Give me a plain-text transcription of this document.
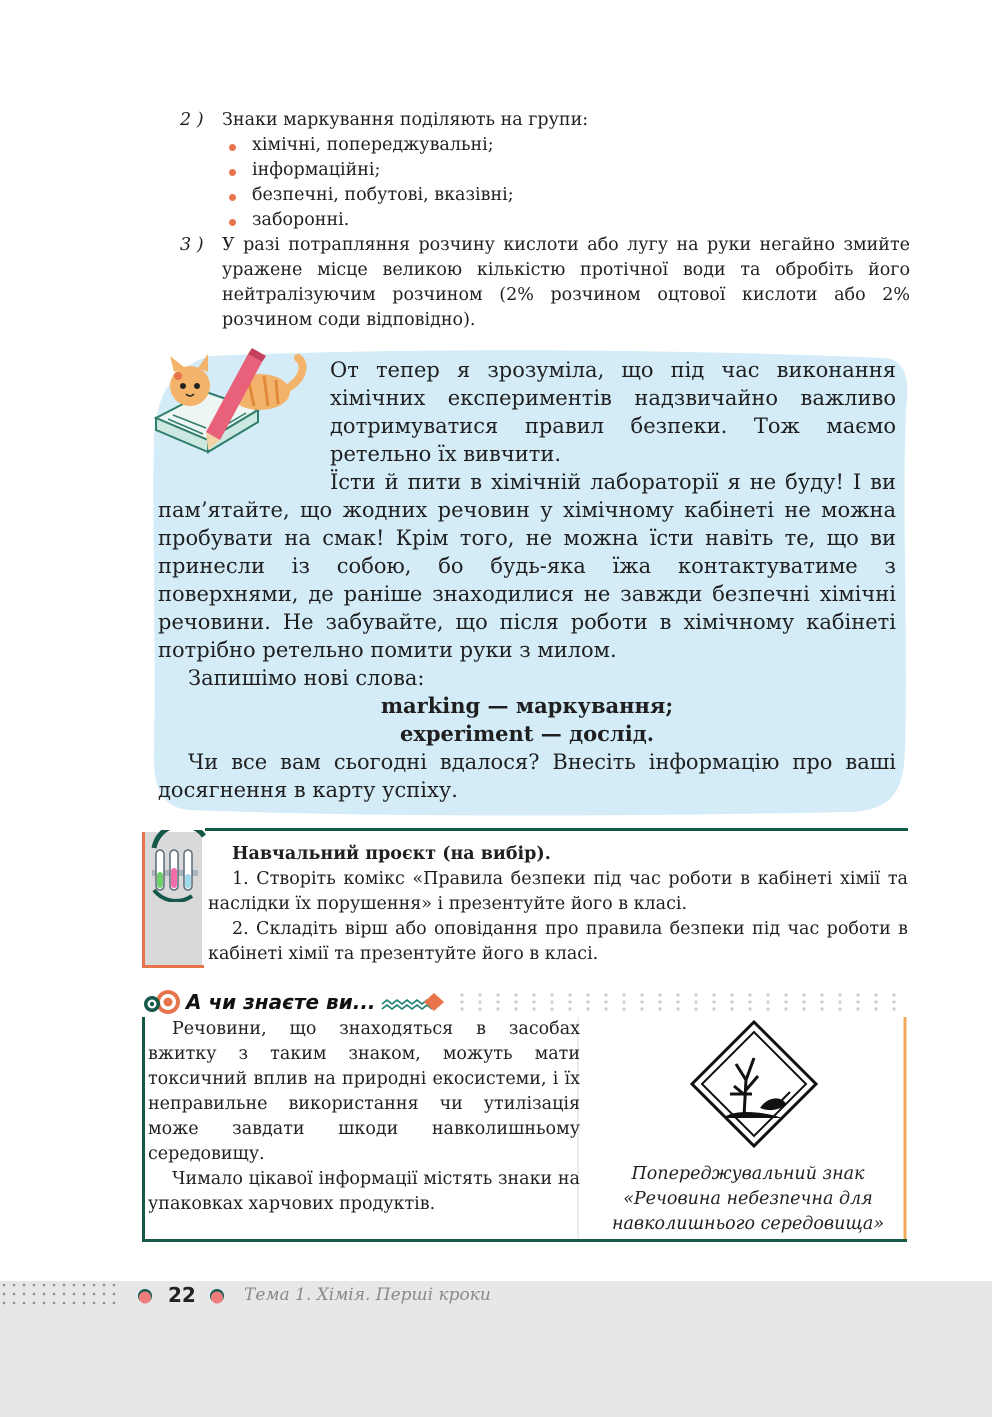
2 ) Знаки маркування поділяють на групи:
хімічні, попереджувальні;
інформаційні;
безпечні, побутові, вказівні;
заборонні.
3 ) У разі потрапляння розчину кислоти або лугу на руки негайно змийте уражене місце великою кількістю протічної води та обробіть його нейтралізуючим розчином (2% розчином оцтової кислоти або 2% розчином соди відповідно).

От тепер я зрозуміла, що під час виконання хімічних експериментів надзвичайно важливо дотримуватися правил безпеки. Тож маємо ретельно їх вивчити.

Їсти й пити в хімічній лабораторії я не буду! І ви пам’ятайте, що жодних речовин у хімічному кабінеті не можна пробувати на смак! Крім того, не можна їсти навіть те, що ви принесли із собою, бо будь-яка їжа контактуватиме з поверхнями, де раніше знаходилися не завжди безпечні хімічні речовини. Не забувайте, що після роботи в хімічному кабінеті потрібно ретельно помити руки з милом.

Запишімо нові слова:

marking — маркування;

experiment — дослід.

Чи все вам сьогодні вдалося? Внесіть інформацію про ваші досягнення в карту успіху.

Навчальний проєкт (на вибір).

1. Створіть комікс «Правила безпеки під час роботи в кабінеті хімії та наслідки їх порушення» і презентуйте його в класі.

2. Складіть вірш або оповідання про правила безпеки під час роботи в кабінеті хімії та презентуйте його в класі.

А чи знаєте ви...

Речовини, що знаходяться в засобах вжитку з таким знаком, можуть мати токсичний вплив на природні екосистеми, і їх неправильне використання чи утилізація може завдати шкоди навколишньому середовищу.

Чимало цікавої інформації містять знаки на упаковках харчових продуктів.

Попереджувальний знак «Речовина небезпечна для навколишнього середовища»
22	Тема 1. Хімія. Перші кроки
